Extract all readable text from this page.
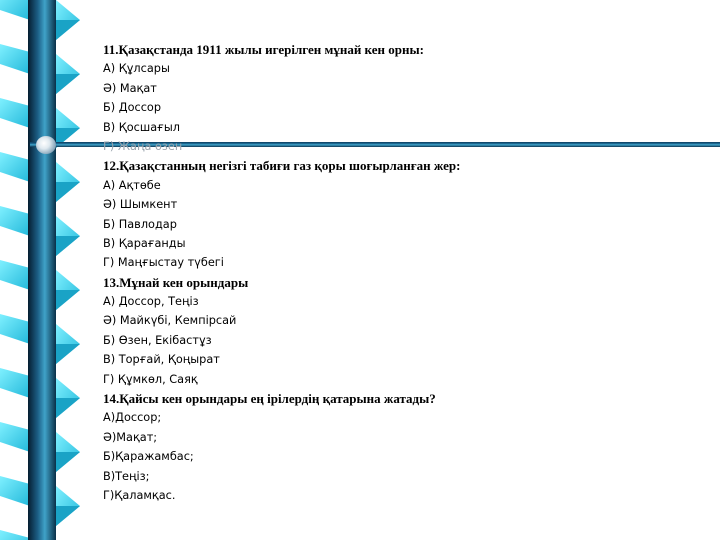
11.Қазақстанда 1911 жылы игерілген мұнай кен орны:
А) Құлсары
Ә) Мақат
Б) Доссор
В) Қосшағыл
Г) Жаңа өзен
12.Қазақстанның негізгі табиғи газ қоры шоғырланған жер:
А) Ақтөбе
Ә) Шымкент
Б) Павлодар
В) Қарағанды
Г) Маңғыстау түбегі
13.Мұнай кен орындары
А) Доссор, Теңіз
Ә) Майкүбі, Кемпірсай
Б) Өзен, Екібастұз
В) Торғай, Қоңырат
Г) Құмкөл, Саяқ
14.Қайсы кен орындары ең ірілердің қатарына жатады?
А)Доссор;
Ә)Мақат;
Б)Қаражамбас;
В)Теңіз;
Г)Қаламқас.
